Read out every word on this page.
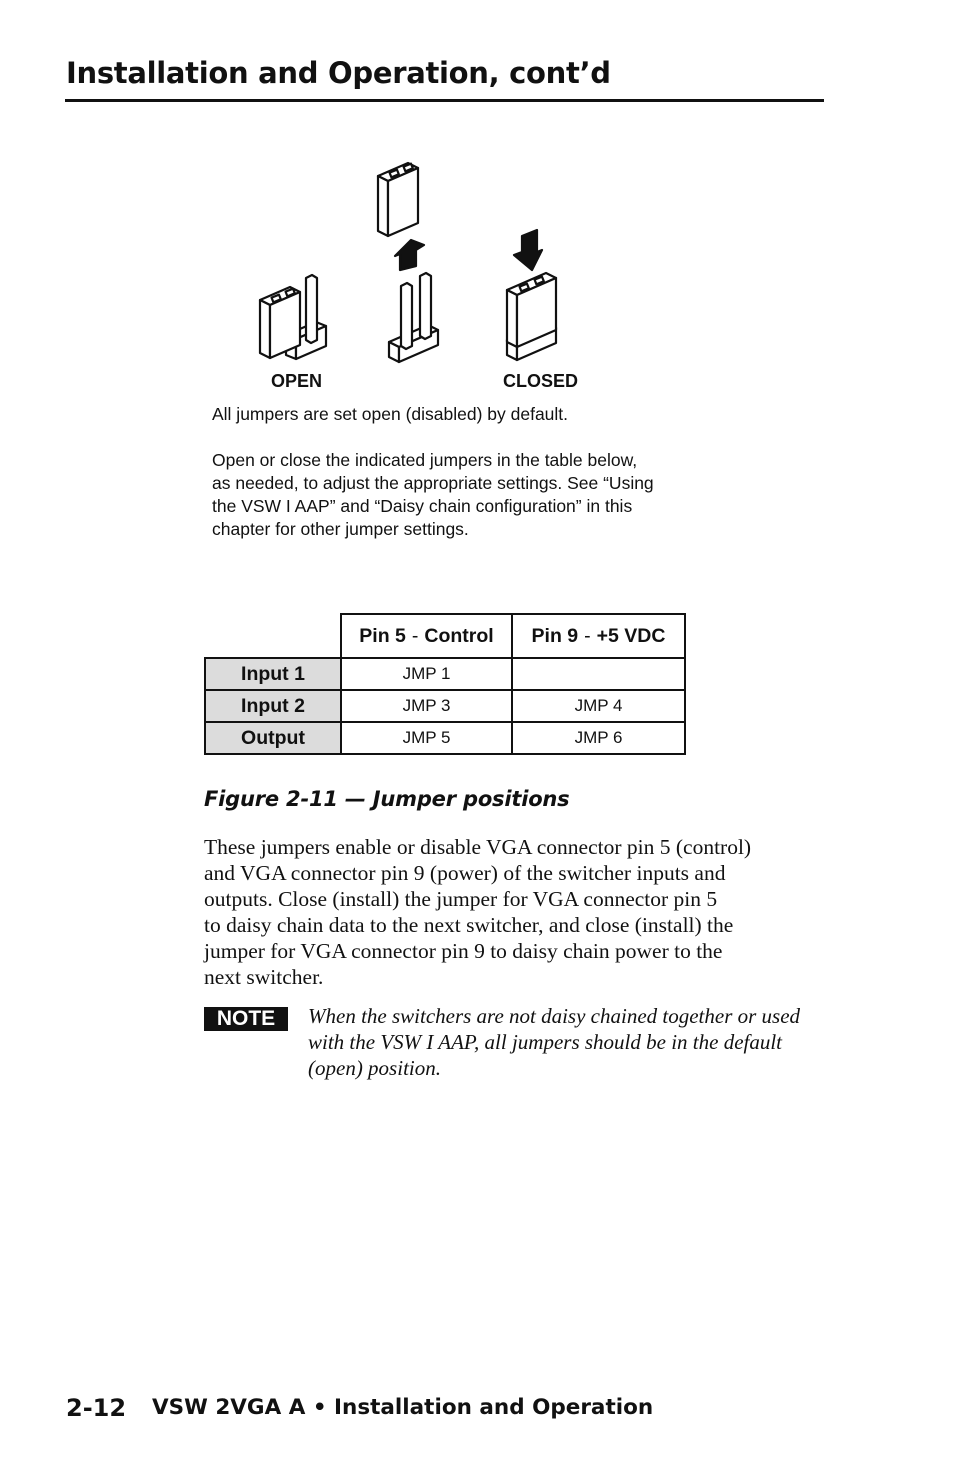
Installation and Operation, cont’d
OPEN	CLOSED
All jumpers are set open (disabled) by default.
Open or close the indicated jumpers in the table below,
as needed, to adjust the appropriate settings. See “Using
the VSW I AAP” and “Daisy chain configuration” in this
chapter for other jumper settings.
	Pin 5 - Control	Pin 9 - +5 VDC
Input 1	JMP 1	
Input 2	JMP 3	JMP 4
Output	JMP 5	JMP 6
Figure 2-11 — Jumper positions
These jumpers enable or disable VGA connector pin 5 (control)
and VGA connector pin 9 (power) of the switcher inputs and
outputs. Close (install) the jumper for VGA connector pin 5
to daisy chain data to the next switcher, and close (install) the
jumper for VGA connector pin 9 to daisy chain power to the
next switcher.
NOTE	When the switchers are not daisy chained together or used
with the VSW I AAP, all jumpers should be in the default
(open) position.
2-12 VSW 2VGA A • Installation and Operation
